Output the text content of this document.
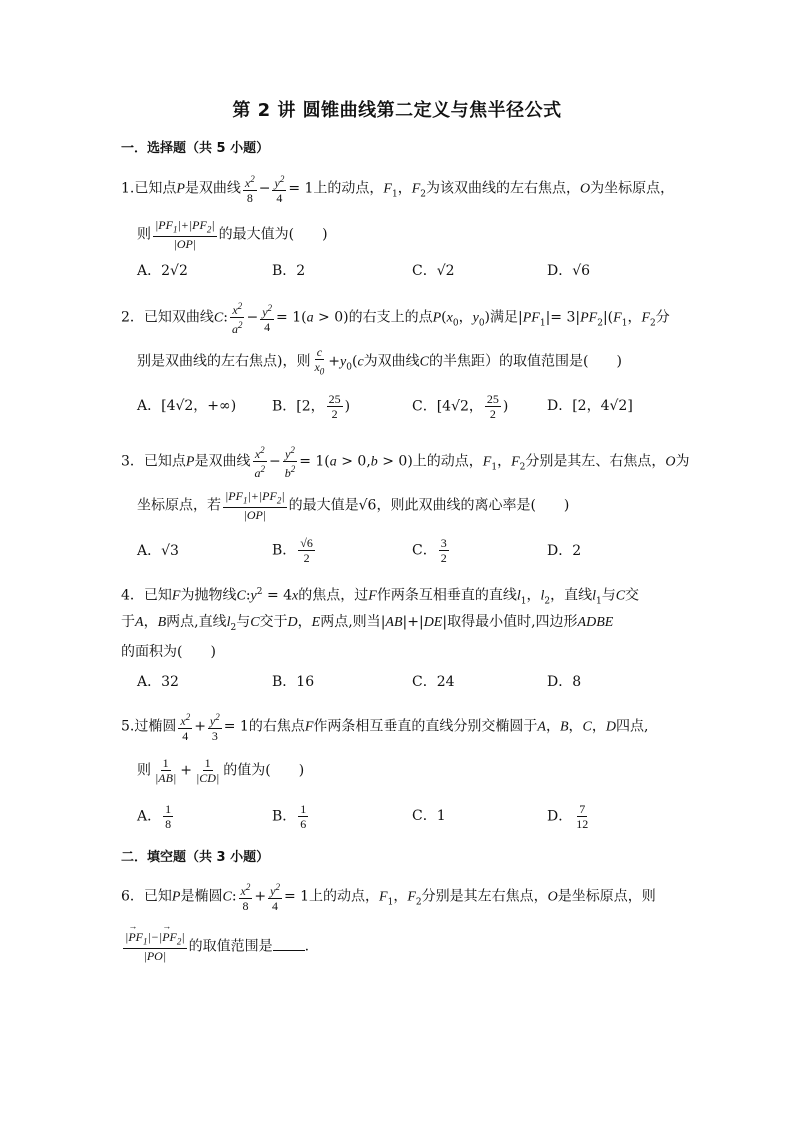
第 2 讲 圆锥曲线第二定义与焦半径公式
一．选择题（共 5 小题）
1.已知点P是双曲线 $\frac{x^2}{8} - \frac{y^2}{4} = 1$上的动点，$F_1$，$F_2$为该双曲线的左右焦点，O为坐标原点，
则 $\frac{|PF_1|+|PF_2|}{|OP|}$ 的最大值为(　　)
A．2√2	B．2	C．√2	D．√6
2．已知双曲线C: $\frac{x^2}{a^2} - \frac{y^2}{4} = 1(a > 0)$的右支上的点$P(x_0$，$y_0$)满足$|PF_1|= 3|PF_2|(F_1$，$F_2$分
别是双曲线的左右焦点)，则 $\frac{c}{x_0} +y_0(c$为双曲线C的半焦距）的取值范围是(　　)
A．[4√2，+∞)	B．[2， $\frac{25}{2}$ )	C．[4√2， $\frac{25}{2}$ )	D．[2，4√2]
3．已知点P是双曲线 $\frac{x^2}{a^2} - \frac{y^2}{b^2} = 1(a > 0,b > 0)$上的动点，$F_1$，$F_2$分别是其左、右焦点，O为
坐标原点，若 $\frac{|PF_1|+|PF_2|}{|OP|}$ 的最大值是√6，则此双曲线的离心率是(　　)
A．√3	B． $\frac{√6}{2}$	C． $\frac{3}{2}$	D．2
4．已知F为抛物线$C:y^2 = 4x$的焦点，过F作两条互相垂直的直线$l_1$，$l_2$，直线$l_1$与C交
于A，B两点,直线$l_2$与C交于D，E两点,则当|AB|+|DE|取得最小值时,四边形ADBE
的面积为(　　)
A．32	B．16	C．24	D．8
5.过椭圆 $\frac{x^2}{4} + \frac{y^2}{3} = 1$的右焦点F作两条相互垂直的直线分别交椭圆于A，B，C，D四点,
则 $\frac{1}{|AB|} + \frac{1}{|CD|}$ 的值为(　　)
A． $\frac{1}{8}$	B． $\frac{1}{6}$	C．1	D． $\frac{7}{12}$
二．填空题（共 3 小题）
6．已知P是椭圆C: $\frac{x^2}{8} + \frac{y^2}{4} = 1$上的动点，$F_1$，$F_2$分别是其左右焦点，O是坐标原点，则
$\frac{|\to PF_1|-|\to PF_2|}{|PO|}$ 的取值范围是 .
